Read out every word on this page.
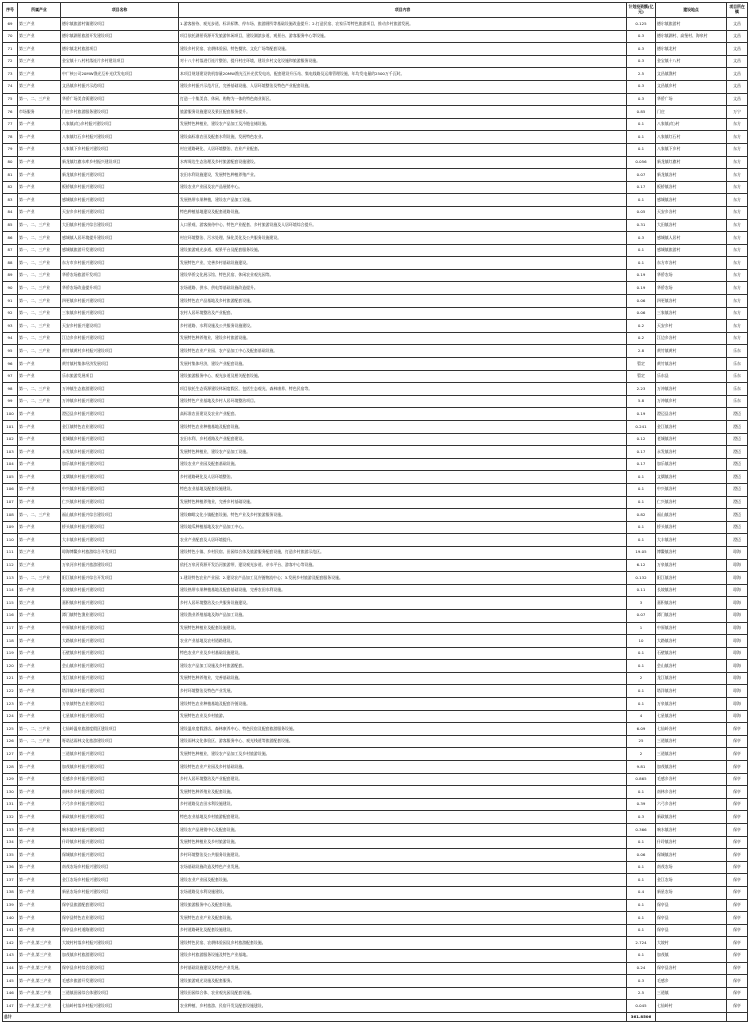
序号	所属产业	项目名称	项目内容	计划投资额(亿元)	建设地点	项目所在镇
69	第三产业	德尔镇旅游村镇建设项目	1.游客接待、观光步道、标识标牌、停车场、旅游厕所等基础设施改造提升；2.打造民宿、农家乐等特色旅游项目，推动乡村旅游发展。	0.125	德尔镇旅游村	文昌
70	第三产业	德尔镇湖景旅游开发建设项目	项目依托湖景资源开发旅游休闲项目，建设湖滨步道、观景台、游客服务中心等设施。	0.3	德尔镇湖村、高堡村、海泉村	文昌
71	第三产业	德尔镇北村旅游项目	建设乡村民宿、农耕体验园、特色餐饮、文化广场等配套设施。	0.3	德尔镇北村	文昌
72	第三产业	金宝镇十八村村落连片乡村建设项目	对十八个村落进行连片整治，提升村庄环境，建设乡村文化设施和旅游服务设施。	0.3	金宝镇十八村	文昌
73	第三产业	中广核公司20MW渔光互补光伏发电项目	本项目规划建设装机容量20MW渔光互补光伏发电站，配套建设升压站、集电线路及运维管理设施，年均发电量约2500万千瓦时。	2.5	文昌镇渔村	文昌
74	第三产业	文昌镇乡村振兴示范项目	建设乡村振兴示范片区，完善基础设施、人居环境整治及特色产业配套设施。	0.3	文昌镇乡村	文昌
75	第一、二、三产业	华侨广场美食街建设项目	打造一个集美食、休闲、购物为一体的特色商业街区。	0.3	华侨广场	文昌
76	市场服务	门庄乡村旅游服务建设项目	旅游服务设施建设及景区配套服务提升。	0.85	门庄	万宁
77	第一产业	八家镇(红)乡村振兴建设项目	发展特色种植业，建设农产品加工及冷链仓储设施。	0.1	八家镇(红)村	东方
78	第一产业	八家镇红石乡村振兴建设项目	建设高标准农田及配套水利设施，发展特色农业。	0.1	八家镇红石村	东方
79	第一产业	八家镇下乡村振兴建设项目	村庄道路硬化、人居环境整治、农业产业配套。	0.1	八家镇下乡村	东方
80	第一产业	新龙镇红旗水库乡村振兴建设项目	水库周边生态治理及乡村旅游配套设施建设。	0.056	新龙镇红旗村	东方
81	第一产业	新龙镇乡村振兴建设项目	农田水利设施建设，发展特色种植养殖产业。	0.07	新龙镇各村	东方
82	第一产业	板桥镇乡村振兴建设项目	建设农业产业园及农产品展销中心。	0.17	板桥镇各村	东方
83	第一产业	感城镇乡村振兴建设项目	发展热带水果种植，建设农产品加工设施。	0.1	感城镇各村	东方
84	第一产业	天安乡乡村振兴建设项目	特色种植基地建设及配套道路设施。	0.05	天安乡各村	东方
85	第一、二、三产业	大田镇乡村振兴综合建设项目	入口景观、游客接待中心、特色产业配套、乡村旅游设施及人居环境综合提升。	0.31	大田镇各村	东方
86	第一、二、三产业	感城镇人居环境提升建设项目	村庄环境整治、污水处理、绿化美化及公共服务设施建设。	0.3	感城镇人居村	东方
87	第一、二、三产业	感城镇旅游开发建设项目	建设旅游观光步道、观景平台及配套服务设施。	0.1	感城镇旅游村	东方
88	第一、二、三产业	东方市乡村振兴建设项目	发展特色产业，完善乡村基础设施建设。	0.1	东方市各村	东方
89	第一、二、三产业	华侨农场旅游开发项目	建设华侨文化展示馆、特色民宿、休闲农业观光园等。	0.19	华侨农场	东方
90	第一、二、三产业	华侨农场改造提升项目	农场道路、供水、供电等基础设施改造提升。	0.19	华侨农场	东方
91	第一、二、三产业	四更镇乡村振兴建设项目	建设特色农产品基地及乡村旅游配套设施。	0.06	四更镇各村	东方
92	第一、二、三产业	三家镇乡村振兴建设项目	农村人居环境整治及产业配套。	0.06	三家镇各村	东方
93	第一、二、三产业	天安乡村振兴建设项目	乡村道路、水利设施及公共服务设施建设。	0.2	天安乡村	东方
94	第一、二、三产业	江边乡乡村振兴建设项目	发展特色种养殖业，建设乡村旅游设施。	0.2	江边乡各村	东方
95	第一、二、三产业	黄竹镇黄村乡村振兴建设项目	建设特色农业产业园、农产品加工中心及配套基础设施。	2.8	黄竹镇黄村	乐东
96	第一产业	黄竹镇村集体经济发展项目	发展村集体经济，建设产业配套设施。	暂定	黄竹镇各村	乐东
97	第一产业	乐东旅游发展项目	建设旅游服务中心、观光步道及相关配套设施。	暂定	乐东县	乐东
98	第一、二、三产业	万冲镇生态旅游建设项目	项目依托生态资源建设休闲度假区，包括生态观光、森林康养、特色民宿等。	2.23	万冲镇各村	乐东
99	第一、二、三产业	万冲镇乡村振兴建设项目	建设特色产业基地及乡村人居环境整治项目。	5.8	万冲镇乡村	乐东
100	第一产业	澄迈县乡村振兴建设项目	高标准农田建设及农业产业配套。	0.19	澄迈县各村	澄迈
101	第一产业	金江镇特色农业建设项目	建设特色农业种植基地及配套设施。	0.241	金江镇各村	澄迈
102	第一产业	老城镇乡村振兴建设项目	农田水利、乡村道路及产业配套建设。	0.12	老城镇各村	澄迈
103	第一产业	永发镇乡村振兴建设项目	发展特色种植业，建设农产品加工设施。	0.17	永发镇各村	澄迈
104	第一产业	加乐镇乡村振兴建设项目	建设农业产业园及配套基础设施。	0.17	加乐镇各村	澄迈
105	第一产业	文儒镇乡村振兴建设项目	乡村道路硬化及人居环境整治。	0.1	文儒镇各村	澄迈
106	第一产业	中兴镇乡村振兴建设项目	特色农业基地及配套设施建设。	0.1	中兴镇各村	澄迈
107	第一产业	仁兴镇乡村振兴建设项目	发展特色种植养殖业，完善乡村基础设施。	0.1	仁兴镇各村	澄迈
108	第一、二、三产业	福山镇乡村振兴综合建设项目	建设咖啡文化小镇配套设施、特色产业及乡村旅游服务设施。	0.82	福山镇各村	澄迈
109	第一产业	桥头镇乡村振兴建设项目	建设地瓜种植基地及农产品加工中心。	0.1	桥头镇各村	澄迈
110	第一产业	大丰镇乡村振兴建设项目	农业产业配套及人居环境提升。	0.1	大丰镇各村	澄迈
111	第三产业	琼海博鳌乡村旅游综合开发项目	建设特色小镇、乡村民宿、田园综合体及旅游服务配套设施，打造乡村旅游示范区。	19.05	博鳌镇各村	琼海
112	第三产业	万泉河乡村振兴旅游建设项目	依托万泉河资源开发沿河旅游带，建设观光步道、亲水平台、游客中心等设施。	6.12	万泉镇各村	琼海
113	第一、二、三产业	阳江镇乡村振兴综合开发项目	1.建设特色农业产业园；2.建设农产品加工及冷链物流中心；3.发展乡村旅游及配套服务设施。	0.132	阳江镇各村	琼海
114	第一产业	长坡镇乡村振兴建设项目	建设热带水果种植基地及配套基础设施，完善农田水利设施。	0.11	长坡镇各村	琼海
115	第三产业	嘉积镇乡村振兴建设项目	乡村人居环境整治及公共服务设施建设。	3	嘉积镇各村	琼海
116	第一产业	潭门镇特色渔业建设项目	建设渔业养殖基地及海产品加工设施。	0.07	潭门镇各村	琼海
117	第一产业	中原镇乡村振兴建设项目	发展特色种植业及配套设施建设。	1	中原镇各村	琼海
118	第一产业	大路镇乡村振兴建设项目	农业产业基地及农村道路建设。	10	大路镇各村	琼海
119	第一产业	石壁镇乡村振兴建设项目	特色农业产业及乡村基础设施建设。	0.1	石壁镇各村	琼海
120	第一产业	会山镇乡村振兴建设项目	建设农产品加工设施及乡村旅游配套。	0.1	会山镇各村	琼海
121	第一产业	龙江镇乡村振兴建设项目	发展特色种养殖业，完善基础设施。	2	龙江镇各村	琼海
122	第一产业	塔洋镇乡村振兴建设项目	乡村环境整治及特色产业发展。	0.1	塔洋镇各村	琼海
123	第一产业	万泉镇特色农业建设项目	建设特色农业种植基地及配套冷链设施。	0.1	万泉镇各村	琼海
124	第一产业	七星镇乡村振兴建设项目	发展特色农业及乡村旅游。	4	七星镇各村	琼海
125	第一、二、三产业	七仙岭温泉旅游度假区建设项目	建设温泉度假酒店、森林康养中心、特色民宿及配套旅游服务设施。	6.09	七仙岭各村	保亭
126	第一、二、三产业	呀诺达雨林文化旅游建设项目	建设雨林文化体验区、游客服务中心、观光栈道等旅游配套设施。	25	三道镇各村	保亭
127	第一产业	三道镇乡村振兴建设项目	发展特色种植业，建设农产品加工及乡村旅游设施。	2	三道镇各村	保亭
128	第一产业	加茂镇乡村振兴建设项目	建设特色农业产业园及乡村基础设施。	9.81	加茂镇各村	保亭
129	第一产业	毛感乡乡村振兴建设项目	乡村人居环境整治及产业配套建设。	0.865	毛感乡各村	保亭
130	第一产业	南林乡乡村振兴建设项目	发展特色种养殖业及配套设施。	0.1	南林乡各村	保亭
131	第一产业	六弓乡乡村振兴建设项目	乡村道路及农田水利设施建设。	0.39	六弓乡各村	保亭
132	第一产业	新政镇乡村振兴建设项目	特色农业基地及乡村旅游配套建设。	0.3	新政镇各村	保亭
133	第一产业	响水镇乡村振兴建设项目	建设农产品展销中心及配套设施。	0.366	响水镇各村	保亭
134	第一产业	什玲镇乡村振兴建设项目	发展特色种植业及乡村旅游设施。	0.1	什玲镇各村	保亭
135	第一产业	保城镇乡村振兴建设项目	乡村环境整治及公共服务设施建设。	0.06	保城镇各村	保亭
136	第一产业	南茂农场乡村振兴建设项目	农场基础设施改造及特色产业发展。	0.1	南茂农场	保亭
137	第一产业	金江农场乡村振兴建设项目	建设农业产业园及配套设施。	0.1	金江农场	保亭
138	第一产业	新星农场乡村振兴建设项目	农场道路及水利设施建设。	0.4	新星农场	保亭
139	第一产业	保亭县旅游配套建设项目	建设旅游服务中心及配套设施。	0.1	保亭县	保亭
140	第一产业	保亭县特色农业建设项目	发展特色农业产业及配套设施。	0.1	保亭县	保亭
141	第一产业	保亭县乡村道路建设项目	乡村道路硬化及配套设施建设。	0.1	保亭县	保亭
142	第一产业,第三产业	大坡村村落乡村振兴建设项目	建设特色民宿、农耕体验园及乡村旅游配套设施。	2.724	大坡村	保亭
143	第一产业,第三产业	加茂镇乡村旅游建设项目	建设乡村旅游服务设施及特色产业基地。	0.1	加茂镇	保亭
144	第一产业,第三产业	保亭县乡村综合建设项目	乡村基础设施建设及特色产业发展。	0.24	保亭县各村	保亭
145	第一产业,第三产业	毛感乡旅游开发建设项目	建设旅游观光设施及配套服务。	0.3	毛感乡	保亭
146	第一产业,第三产业	三道镇田园综合体建设项目	建设田园综合体、农业观光园及配套设施。	2.5	三道镇	保亭
147	第一产业,第三产业	七仙岭村落乡村振兴建设项目	农业种植、乡村旅游、民宿开发及配套设施建设。	0.045	七仙岭村	保亭
总计				361.8506		
